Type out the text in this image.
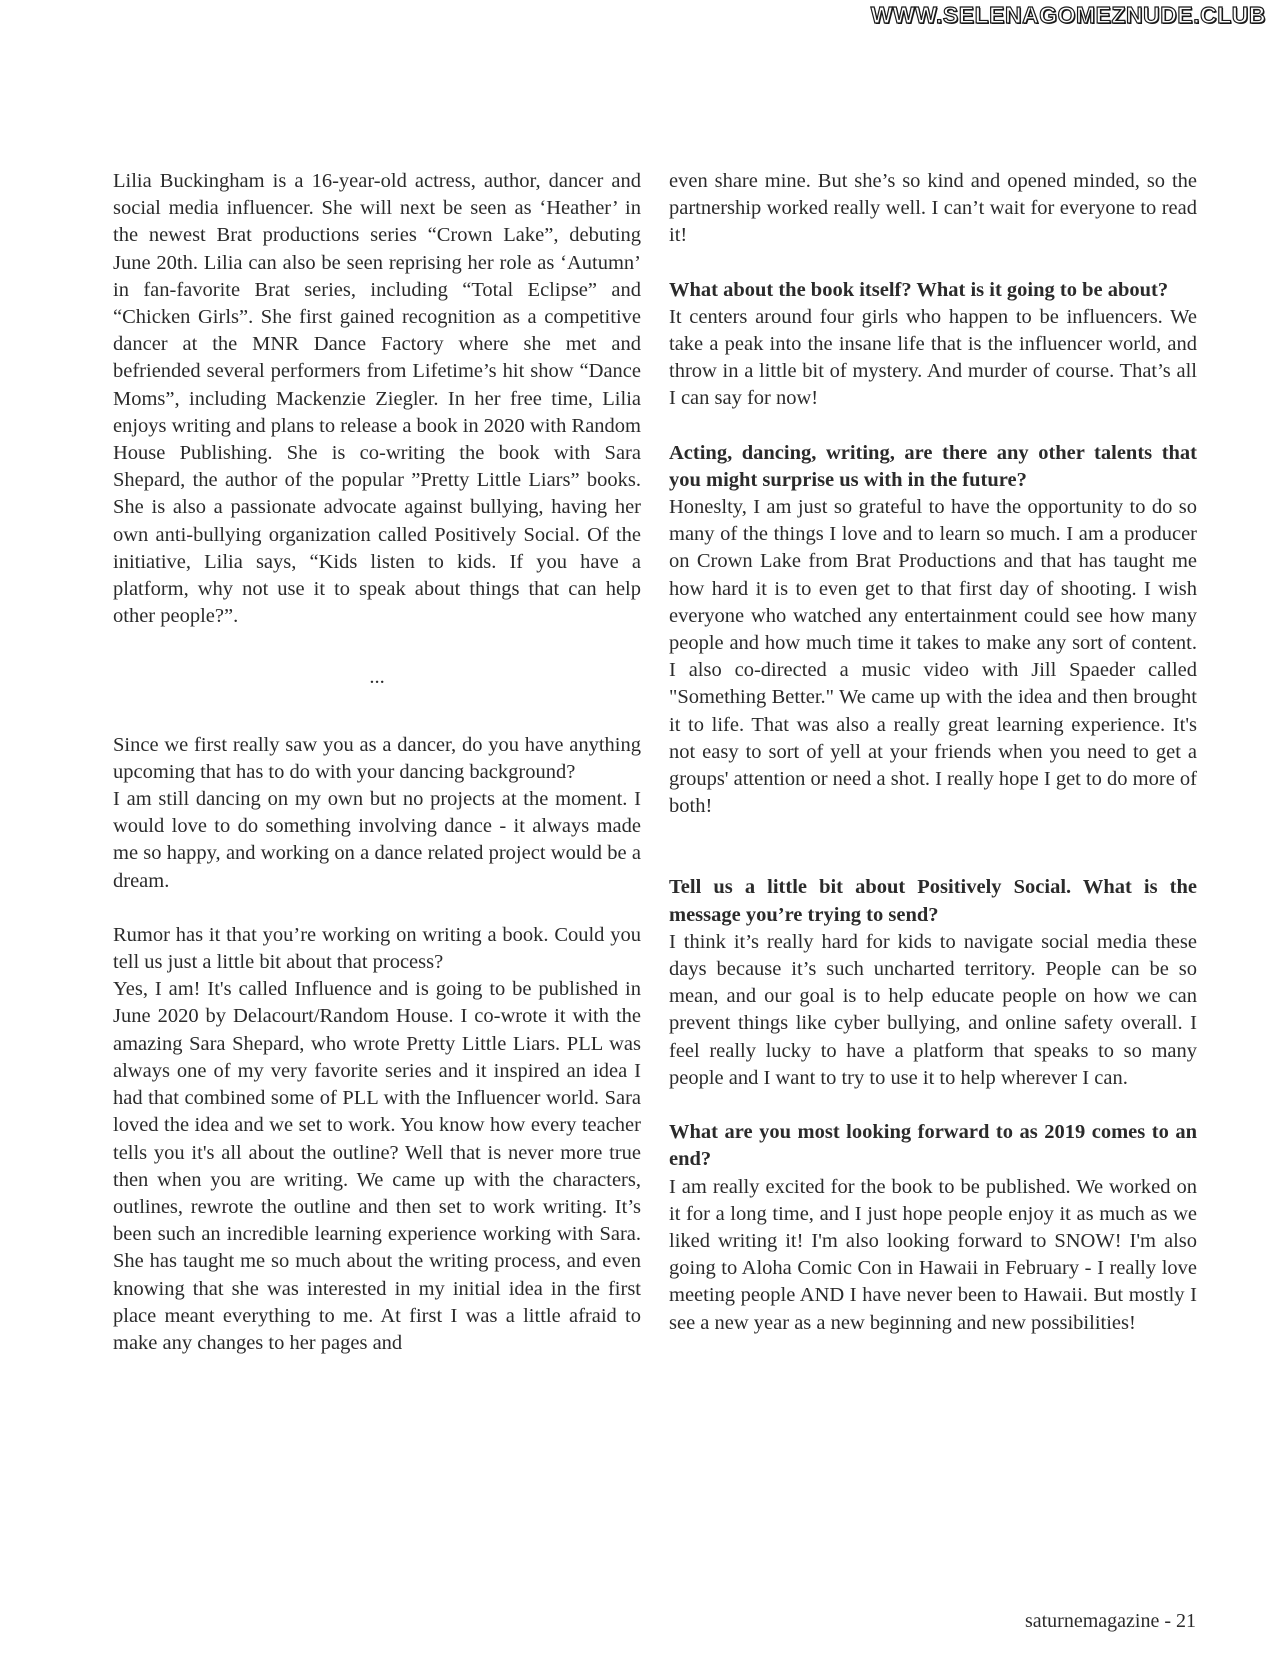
WWW.SELENAGOMEZNUDE.CLUB

Lilia Buckingham is a 16-year-old actress, author, dancer and social media influencer. She will next be seen as ‘Heather’ in the newest Brat productions series “Crown Lake”, debuting June 20th. Lilia can also be seen reprising her role as ‘Autumn’ in fan-favorite Brat series, including “Total Eclipse” and “Chicken Girls”. She first gained recognition as a competitive dancer at the MNR Dance Factory where she met and befriended several performers from Lifetime’s hit show “Dance Moms”, including Mackenzie Ziegler. In her free time, Lilia enjoys writing and plans to release a book in 2020 with Random House Publishing. She is co-writing the book with Sara Shepard, the author of the popular ”Pretty Little Liars” books. She is also a passionate advocate against bullying, having her own anti-bullying organization called Positively Social. Of the initiative, Lilia says, “Kids listen to kids. If you have a platform, why not use it to speak about things that can help other people?”.

...

Since we first really saw you as a dancer, do you have anything upcoming that has to do with your dancing background?

I am still dancing on my own but no projects at the moment. I would love to do something involving dance - it always made me so happy, and working on a dance related project would be a dream.

Rumor has it that you’re working on writing a book. Could you tell us just a little bit about that process?

Yes, I am! It's called Influence and is going to be published in June 2020 by Delacourt/Random House. I co-wrote it with the amazing Sara Shepard, who wrote Pretty Little Liars. PLL was always one of my very favorite series and it inspired an idea I had that combined some of PLL with the Influencer world. Sara loved the idea and we set to work. You know how every teacher tells you it's all about the outline? Well that is never more true then when you are writing. We came up with the characters, outlines, rewrote the outline and then set to work writing. It’s been such an incredible learning experience working with Sara. She has taught me so much about the writing process, and even knowing that she was interested in my initial idea in the first place meant everything to me. At first I was a little afraid to make any changes to her pages and

even share mine. But she’s so kind and opened minded, so the partnership worked really well. I can’t wait for everyone to read it!

What about the book itself? What is it going to be about?

It centers around four girls who happen to be influencers. We take a peak into the insane life that is the influencer world, and throw in a little bit of mystery. And murder of course. That’s all I can say for now!

Acting, dancing, writing, are there any other talents that you might surprise us with in the future?

Honeslty, I am just so grateful to have the opportunity to do so many of the things I love and to learn so much. I am a producer on Crown Lake from Brat Productions and that has taught me how hard it is to even get to that first day of shooting. I wish everyone who watched any entertainment could see how many people and how much time it takes to make any sort of content. I also co-directed a music video with Jill Spaeder called "Something Better." We came up with the idea and then brought it to life. That was also a really great learning experience. It's not easy to sort of yell at your friends when you need to get a groups' attention or need a shot. I really hope I get to do more of both!

Tell us a little bit about Positively Social. What is the message you’re trying to send?

I think it’s really hard for kids to navigate social media these days because it’s such uncharted territory. People can be so mean, and our goal is to help educate people on how we can prevent things like cyber bullying, and online safety overall. I feel really lucky to have a platform that speaks to so many people and I want to try to use it to help wherever I can.

What are you most looking forward to as 2019 comes to an end?

I am really excited for the book to be published. We worked on it for a long time, and I just hope people enjoy it as much as we liked writing it! I'm also looking forward to SNOW! I'm also going to Aloha Comic Con in Hawaii in February - I really love meeting people AND I have never been to Hawaii. But mostly I see a new year as a new beginning and new possibilities!

saturnemagazine - 21
